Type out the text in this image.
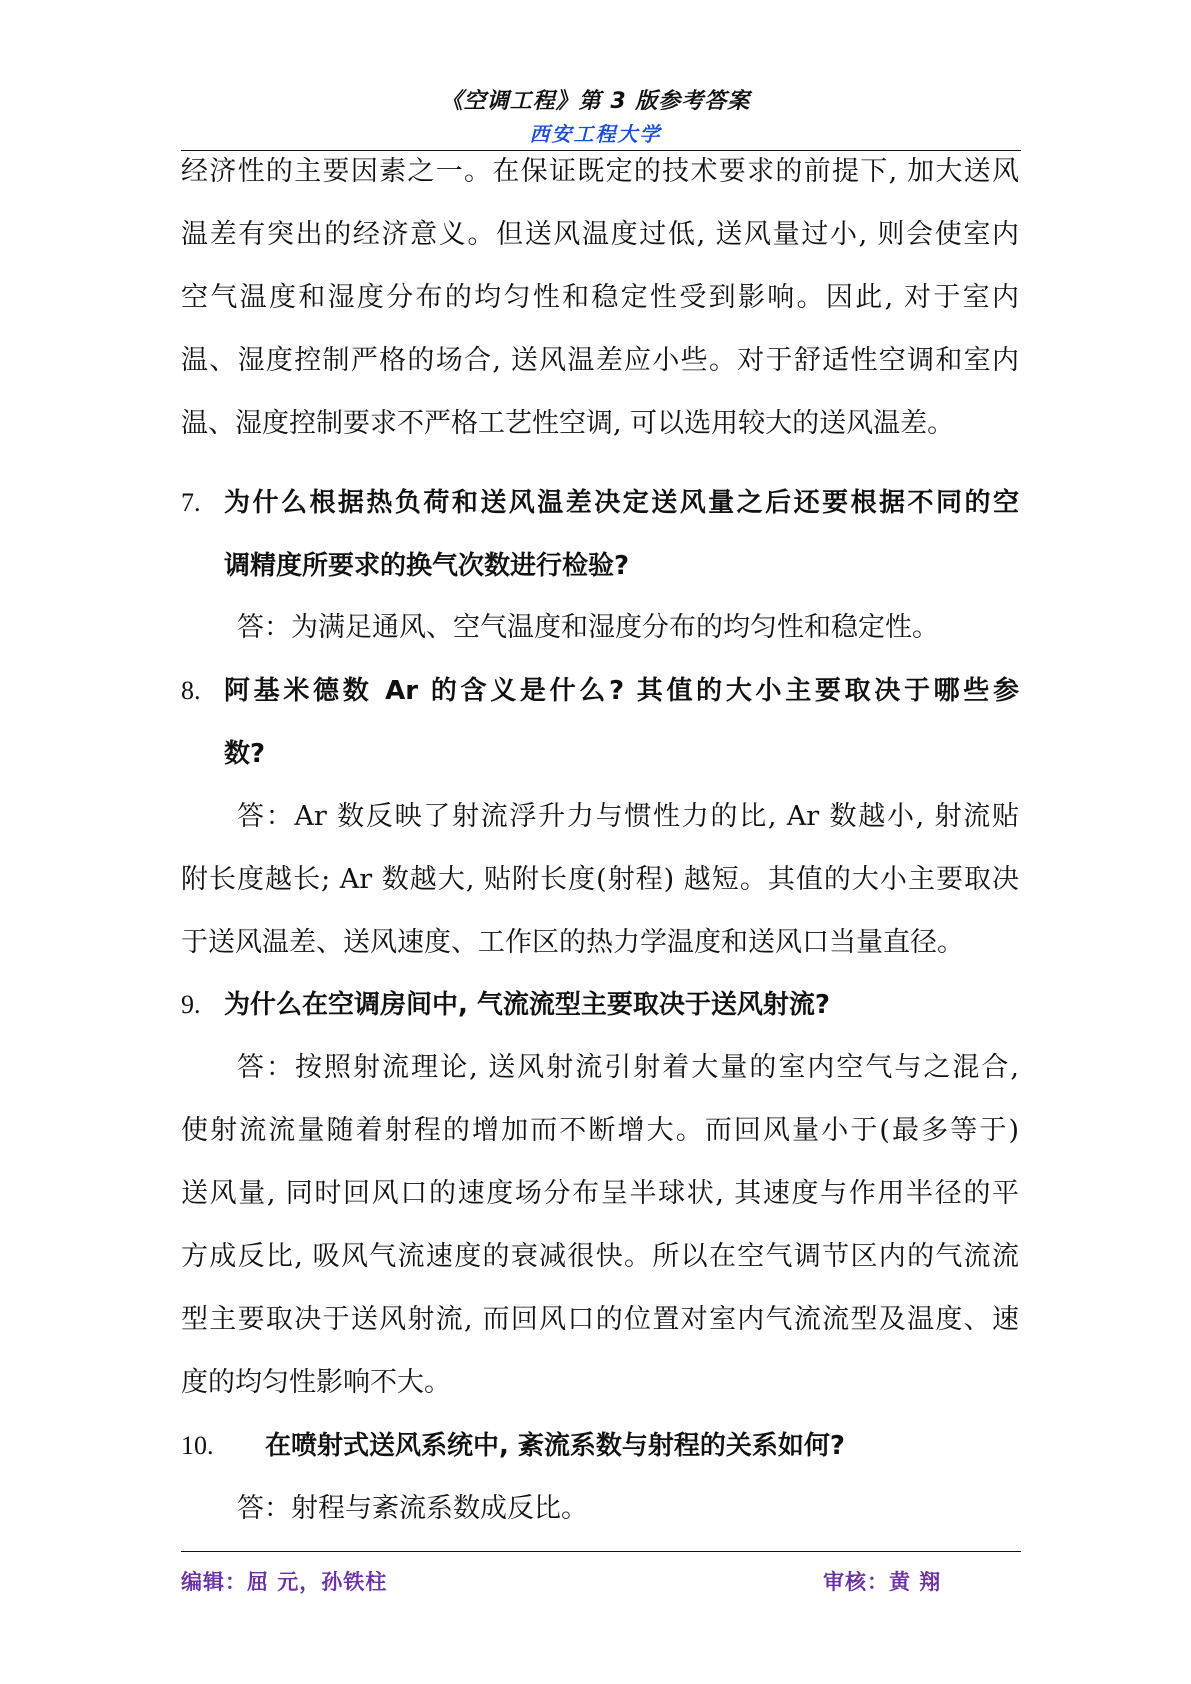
《空调工程》第 3 版参考答案
西安工程大学
经济性的主要因素之一。在保证既定的技术要求的前提下, 加大送风
温差有突出的经济意义。但送风温度过低, 送风量过小, 则会使室内
空气温度和湿度分布的均匀性和稳定性受到影响。因此, 对于室内
温、湿度控制严格的场合, 送风温差应小些。对于舒适性空调和室内
温、湿度控制要求不严格工艺性空调, 可以选用较大的送风温差。
7. 为什么根据热负荷和送风温差决定送风量之后还要根据不同的空
调精度所要求的换气次数进行检验?
答：为满足通风、空气温度和湿度分布的均匀性和稳定性。
8. 阿基米德数 Ar 的含义是什么? 其值的大小主要取决于哪些参
数?
答：Ar 数反映了射流浮升力与惯性力的比, Ar 数越小, 射流贴
附长度越长; Ar 数越大, 贴附长度(射程) 越短。其值的大小主要取决
于送风温差、送风速度、工作区的热力学温度和送风口当量直径。
9. 为什么在空调房间中, 气流流型主要取决于送风射流?
答：按照射流理论, 送风射流引射着大量的室内空气与之混合,
使射流流量随着射程的增加而不断增大。而回风量小于(最多等于)
送风量, 同时回风口的速度场分布呈半球状, 其速度与作用半径的平
方成反比, 吸风气流速度的衰减很快。所以在空气调节区内的气流流
型主要取决于送风射流, 而回风口的位置对室内气流流型及温度、速
度的均匀性影响不大。
10. 在喷射式送风系统中, 紊流系数与射程的关系如何?
答：射程与紊流系数成反比。
编辑：屈 元，孙铁柱	审核：黄 翔
